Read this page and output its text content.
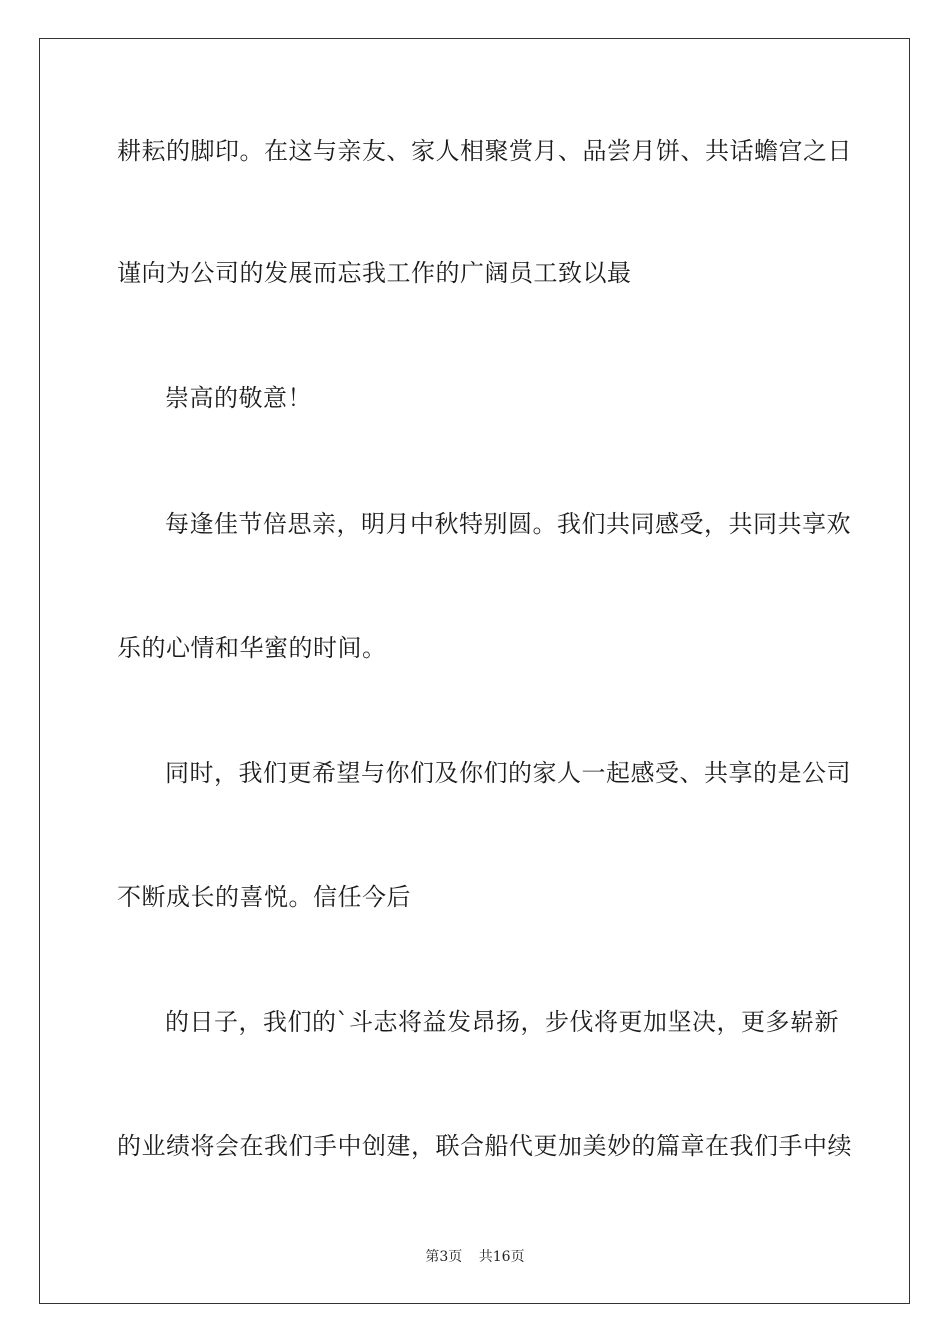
耕耘的脚印。在这与亲友、家人相聚赏月、品尝月饼、共话蟾宫之日
谨向为公司的发展而忘我工作的广阔员工致以最
崇高的敬意！
每逢佳节倍思亲，明月中秋特别圆。我们共同感受，共同共享欢
乐的心情和华蜜的时间。
同时，我们更希望与你们及你们的家人一起感受、共享的是公司
不断成长的喜悦。信任今后
的日子，我们的`斗志将益发昂扬，步伐将更加坚决，更多崭新
的业绩将会在我们手中创建，联合船代更加美妙的篇章在我们手中续
第3页 共16页
